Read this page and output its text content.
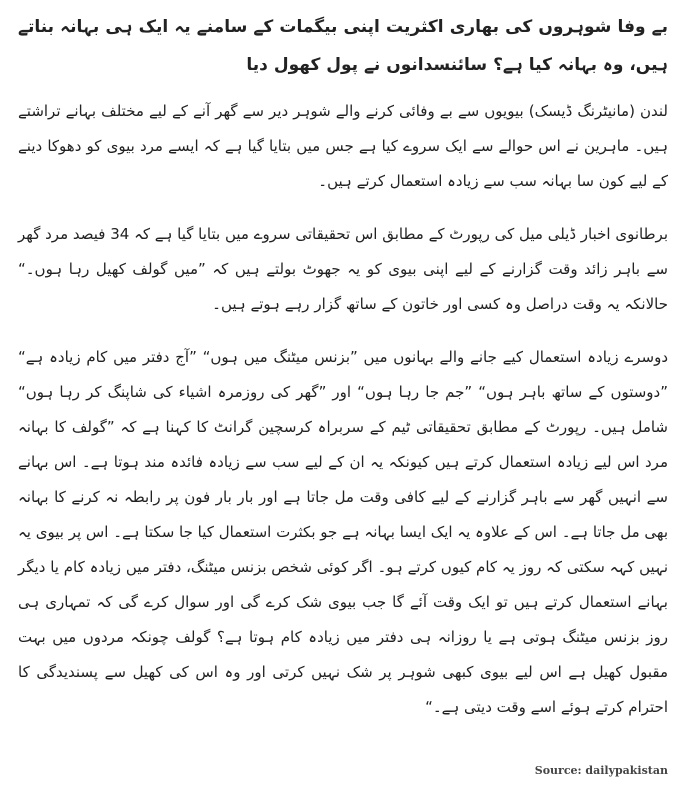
بے وفا شوہروں کی بھاری اکثریت اپنی بیگمات کے سامنے یہ ایک ہی بہانہ بناتے ہیں، وہ بہانہ کیا ہے؟ سائنسدانوں نے پول کھول دیا

لندن (مانیٹرنگ ڈیسک) بیویوں سے بے وفائی کرنے والے شوہر دیر سے گھر آنے کے لیے مختلف بہانے تراشتے ہیں۔ ماہرین نے اس حوالے سے ایک سروے کیا ہے جس میں بتایا گیا ہے کہ ایسے مرد بیوی کو دھوکا دینے کے لیے کون سا بہانہ سب سے زیادہ استعمال کرتے ہیں۔

برطانوی اخبار ڈیلی میل کی رپورٹ کے مطابق اس تحقیقاتی سروے میں بتایا گیا ہے کہ 34 فیصد مرد گھر سے باہر زائد وقت گزارنے کے لیے اپنی بیوی کو یہ جھوٹ بولتے ہیں کہ ”میں گولف کھیل رہا ہوں۔“ حالانکہ یہ وقت دراصل وہ کسی اور خاتون کے ساتھ گزار رہے ہوتے ہیں۔

دوسرے زیادہ استعمال کیے جانے والے بہانوں میں ”بزنس میٹنگ میں ہوں“ ”آج دفتر میں کام زیادہ ہے“ ”دوستوں کے ساتھ باہر ہوں“ ”جم جا رہا ہوں“ اور ”گھر کی روزمرہ اشیاء کی شاپنگ کر رہا ہوں“ شامل ہیں۔ رپورٹ کے مطابق تحقیقاتی ٹیم کے سربراہ کرسچین گرانٹ کا کہنا ہے کہ ”گولف کا بہانہ مرد اس لیے زیادہ استعمال کرتے ہیں کیونکہ یہ ان کے لیے سب سے زیادہ فائدہ مند ہوتا ہے۔ اس بہانے سے انہیں گھر سے باہر گزارنے کے لیے کافی وقت مل جاتا ہے اور بار بار فون پر رابطہ نہ کرنے کا بہانہ بھی مل جاتا ہے۔ اس کے علاوہ یہ ایک ایسا بہانہ ہے جو بکثرت استعمال کیا جا سکتا ہے۔ اس پر بیوی یہ نہیں کہہ سکتی کہ روز یہ کام کیوں کرتے ہو۔ اگر کوئی شخص بزنس میٹنگ، دفتر میں زیادہ کام یا دیگر بہانے استعمال کرتے ہیں تو ایک وقت آئے گا جب بیوی شک کرے گی اور سوال کرے گی کہ تمہاری ہی روز بزنس میٹنگ ہوتی ہے یا روزانہ ہی دفتر میں زیادہ کام ہوتا ہے؟ گولف چونکہ مردوں میں بہت مقبول کھیل ہے اس لیے بیوی کبھی شوہر پر شک نہیں کرتی اور وہ اس کی کھیل سے پسندیدگی کا احترام کرتے ہوئے اسے وقت دیتی ہے۔“

Source: dailypakistan
